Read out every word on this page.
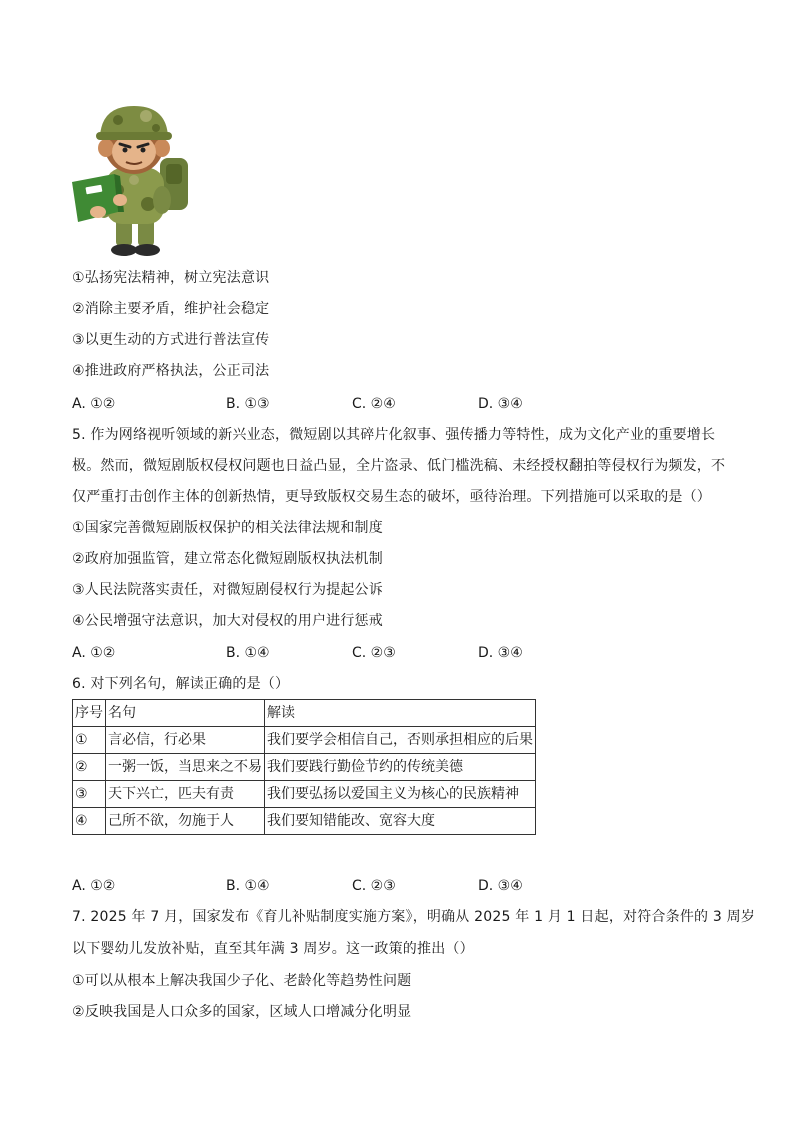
①弘扬宪法精神，树立宪法意识
②消除主要矛盾，维护社会稳定
③以更生动的方式进行普法宣传
④推进政府严格执法，公正司法
A. ①②	B. ①③	C. ②④	D. ③④
5. 作为网络视听领域的新兴业态，微短剧以其碎片化叙事、强传播力等特性，成为文化产业的重要增长
极。然而，微短剧版权侵权问题也日益凸显，全片盗录、低门槛洗稿、未经授权翻拍等侵权行为频发，不
仅严重打击创作主体的创新热情，更导致版权交易生态的破坏，亟待治理。下列措施可以采取的是（）
①国家完善微短剧版权保护的相关法律法规和制度
②政府加强监管，建立常态化微短剧版权执法机制
③人民法院落实责任，对微短剧侵权行为提起公诉
④公民增强守法意识，加大对侵权的用户进行惩戒
A. ①②	B. ①④	C. ②③	D. ③④
6. 对下列名句，解读正确的是（）
序号	名句	解读
①	言必信，行必果	我们要学会相信自己，否则承担相应的后果
②	一粥一饭，当思来之不易	我们要践行勤俭节约的传统美德
③	天下兴亡，匹夫有责	我们要弘扬以爱国主义为核心的民族精神
④	己所不欲，勿施于人	我们要知错能改、宽容大度
A. ①②	B. ①④	C. ②③	D. ③④
7. 2025 年 7 月，国家发布《育儿补贴制度实施方案》，明确从 2025 年 1 月 1 日起，对符合条件的 3 周岁
以下婴幼儿发放补贴，直至其年满 3 周岁。这一政策的推出（）
①可以从根本上解决我国少子化、老龄化等趋势性问题
②反映我国是人口众多的国家，区域人口增减分化明显
